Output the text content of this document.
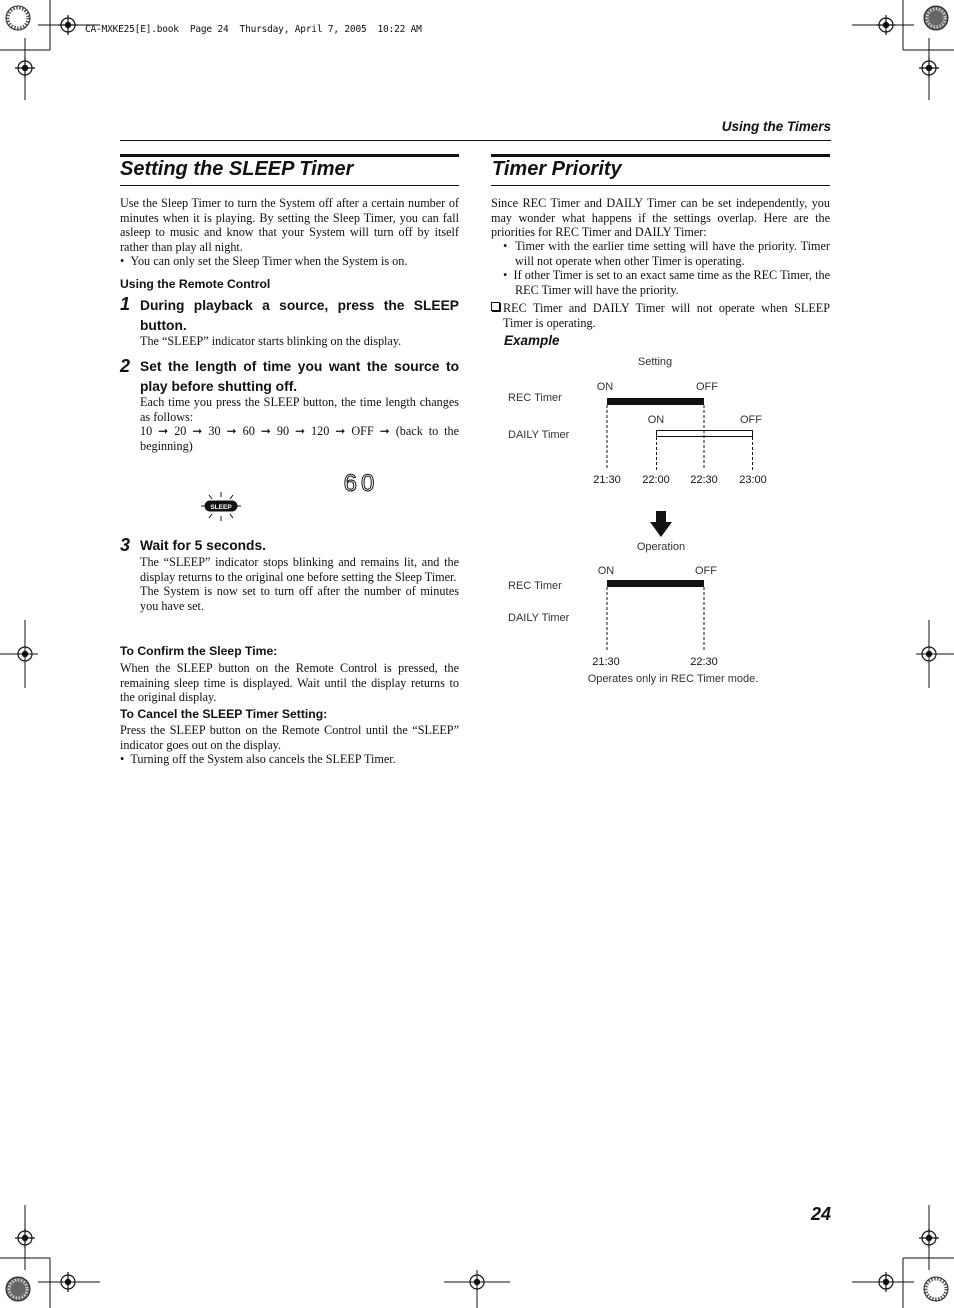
CA-MXKE25[E].book  Page 24  Thursday, April 7, 2005  10:22 AM
Using the Timers
Setting the SLEEP Timer
Use the Sleep Timer to turn the System off after a certain number of minutes when it is playing. By setting the Sleep Timer, you can fall asleep to music and know that your System will turn off by itself rather than play all night.
•  You can only set the Sleep Timer when the System is on.
Using the Remote Control
1 During playback a source, press the SLEEP button.
The “SLEEP” indicator starts blinking on the display.
2 Set the length of time you want the source to play before shutting off.
Each time you press the SLEEP button, the time length changes as follows:
10 ➞ 20 ➞ 30 ➞ 60 ➞ 90 ➞ 120 ➞ OFF ➞ (back to the beginning)
SLEEP
60
3 Wait for 5 seconds.
The “SLEEP” indicator stops blinking and remains lit, and the display returns to the original one before setting the Sleep Timer.
The System is now set to turn off after the number of minutes you have set.
To Confirm the Sleep Time:
When the SLEEP button on the Remote Control is pressed, the remaining sleep time is displayed. Wait until the display returns to the original display.
To Cancel the SLEEP Timer Setting:
Press the SLEEP button on the Remote Control until the “SLEEP” indicator goes out on the display.
•  Turning off the System also cancels the SLEEP Timer.
Timer Priority
Since REC Timer and DAILY Timer can be set independently, you may wonder what happens if the settings overlap. Here are the priorities for REC Timer and DAILY Timer:
•  Timer with the earlier time setting will have the priority. Timer will not operate when other Timer is operating.
•  If other Timer is set to an exact same time as the REC Timer, the REC Timer will have the priority.
REC Timer and DAILY Timer will not operate when SLEEP Timer is operating.
Example
Setting
REC Timer
DAILY Timer
ON	OFF
ON	OFF
21:30 22:00 22:30 23:00
Operation
ON	OFF
REC Timer
DAILY Timer
21:30	22:30
Operates only in REC Timer mode.
24
